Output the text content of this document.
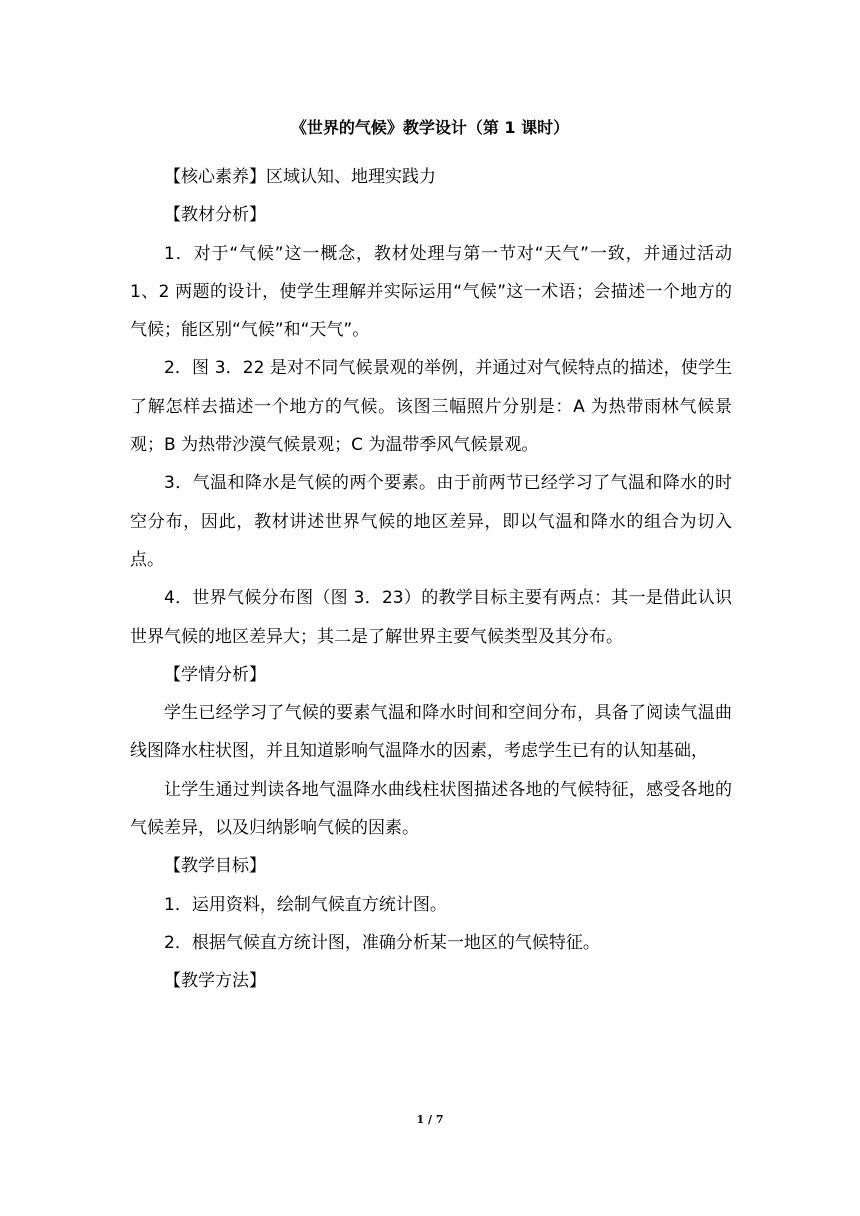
《世界的气候》教学设计（第 1 课时）

【核心素养】区域认知、地理实践力

【教材分析】

1．对于“气候”这一概念，教材处理与第一节对“天气”一致，并通过活动 1、2 两题的设计，使学生理解并实际运用“气候”这一术语；会描述一个地方的气候；能区别“气候”和“天气”。

2．图 3．22 是对不同气候景观的举例，并通过对气候特点的描述，使学生了解怎样去描述一个地方的气候。该图三幅照片分别是：A 为热带雨林气候景观；B 为热带沙漠气候景观；C 为温带季风气候景观。

3．气温和降水是气候的两个要素。由于前两节已经学习了气温和降水的时空分布，因此，教材讲述世界气候的地区差异，即以气温和降水的组合为切入点。

4．世界气候分布图（图 3．23）的教学目标主要有两点：其一是借此认识世界气候的地区差异大；其二是了解世界主要气候类型及其分布。

【学情分析】

学生已经学习了气候的要素气温和降水时间和空间分布，具备了阅读气温曲线图降水柱状图，并且知道影响气温降水的因素，考虑学生已有的认知基础，

让学生通过判读各地气温降水曲线柱状图描述各地的气候特征，感受各地的气候差异，以及归纳影响气候的因素。

【教学目标】

1．运用资料，绘制气候直方统计图。

2．根据气候直方统计图，准确分析某一地区的气候特征。

【教学方法】

1 / 7
